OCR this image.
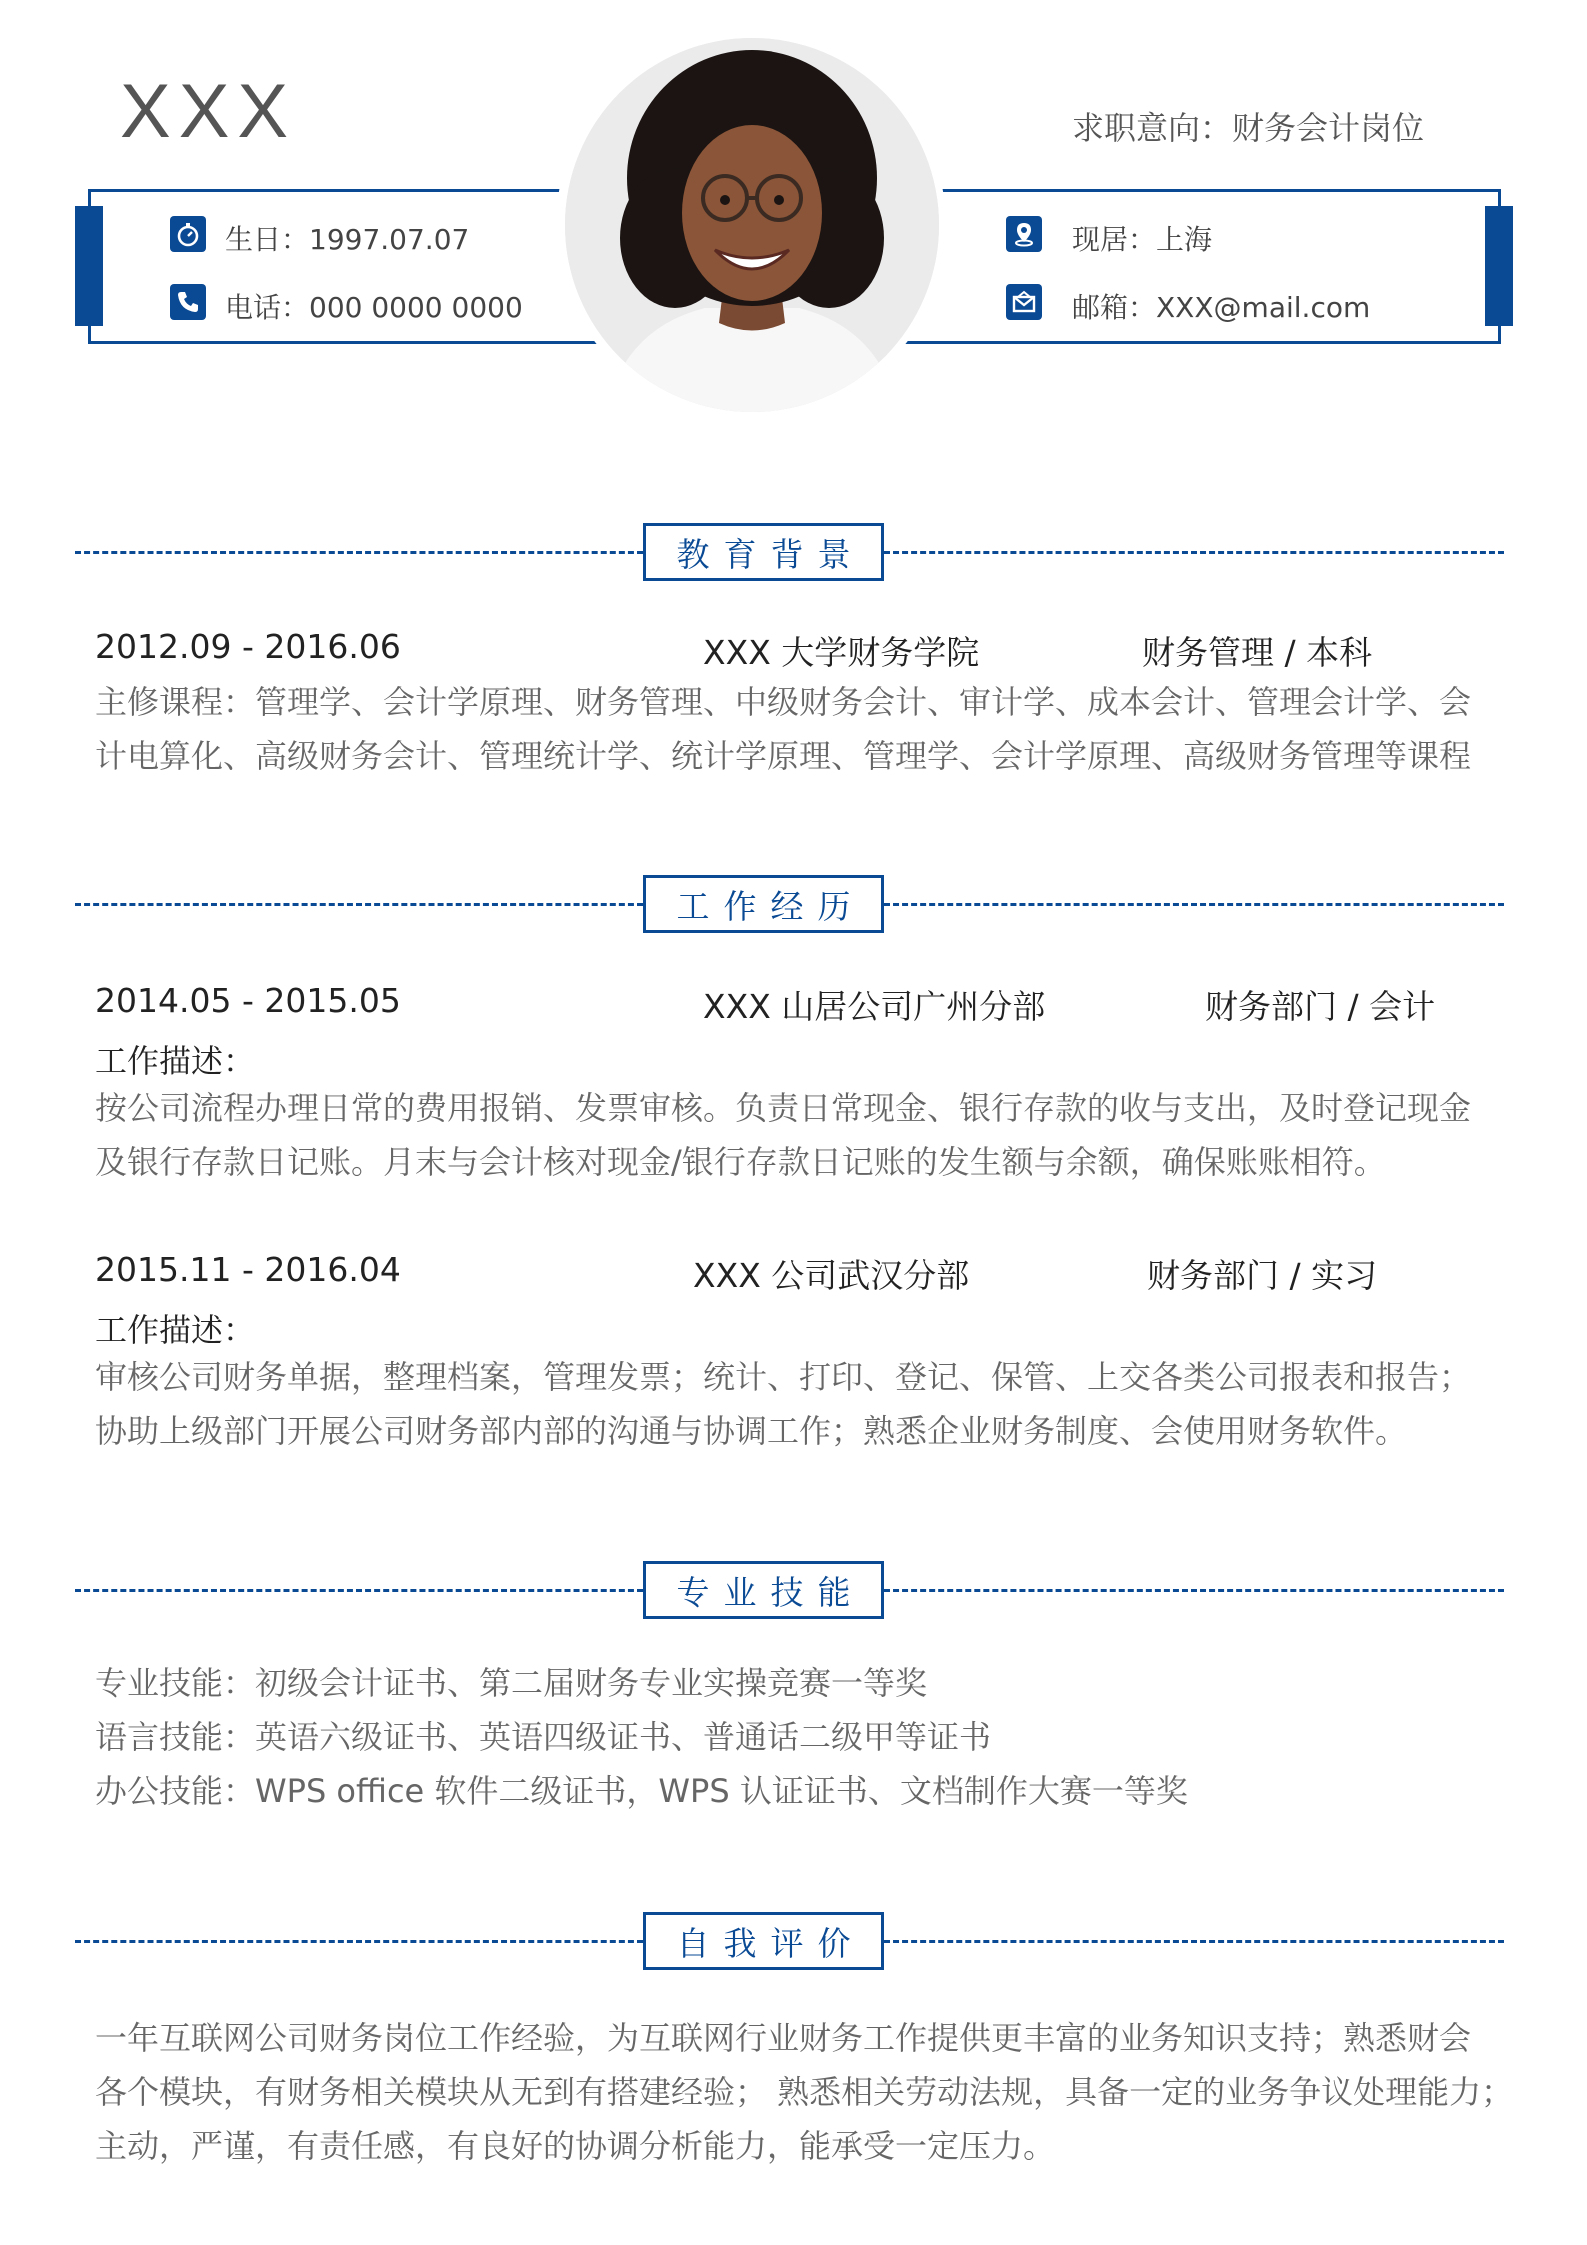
XXX	求职意向：财务会计岗位
生日：1997.07.07
电话：000 0000 0000
现居：上海
邮箱：XXX@mail.com
教育背景
2012.09 - 2016.06	XXX 大学财务学院	财务管理 / 本科
主修课程：管理学、会计学原理、财务管理、中级财务会计、审计学、成本会计、管理会计学、会
计电算化、高级财务会计、管理统计学、统计学原理、管理学、会计学原理、高级财务管理等课程
工作经历
2014.05 - 2015.05	XXX 山居公司广州分部	财务部门 / 会计
工作描述：
按公司流程办理日常的费用报销、发票审核。负责日常现金、银行存款的收与支出，及时登记现金
及银行存款日记账。月末与会计核对现金/银行存款日记账的发生额与余额，确保账账相符。
2015.11 - 2016.04	XXX 公司武汉分部	财务部门 / 实习
工作描述：
审核公司财务单据，整理档案，管理发票；统计、打印、登记、保管、上交各类公司报表和报告；
协助上级部门开展公司财务部内部的沟通与协调工作；熟悉企业财务制度、会使用财务软件。
专业技能
专业技能：初级会计证书、第二届财务专业实操竞赛一等奖
语言技能：英语六级证书、英语四级证书、普通话二级甲等证书
办公技能：WPS office 软件二级证书，WPS 认证证书、文档制作大赛一等奖
自我评价
一年互联网公司财务岗位工作经验，为互联网行业财务工作提供更丰富的业务知识支持；熟悉财会
各个模块，有财务相关模块从无到有搭建经验； 熟悉相关劳动法规，具备一定的业务争议处理能力；
主动，严谨，有责任感，有良好的协调分析能力，能承受一定压力。
